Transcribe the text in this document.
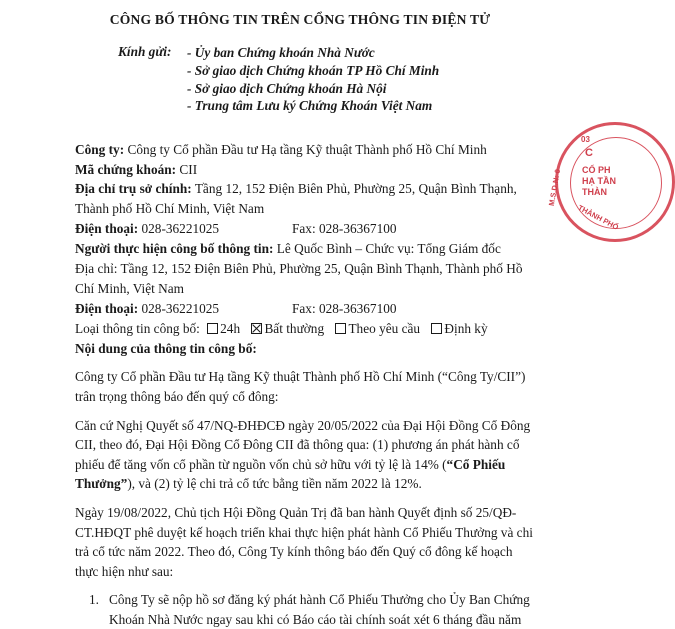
CÔNG BỐ THÔNG TIN TRÊN CỔNG THÔNG TIN ĐIỆN TỬ
Kính gửi: - Ủy ban Chứng khoán Nhà Nước
- Sở giao dịch Chứng khoán TP Hồ Chí Minh
- Sở giao dịch Chứng khoán Hà Nội
- Trung tâm Lưu ký Chứng Khoán Việt Nam
Công ty: Công ty Cổ phần Đầu tư Hạ tầng Kỹ thuật Thành phố Hồ Chí Minh
Mã chứng khoán: CII
Địa chỉ trụ sở chính: Tầng 12, 152 Điện Biên Phủ, Phường 25, Quận Bình Thạnh,
Thành phố Hồ Chí Minh, Việt Nam
Điện thoại: 028-36221025	Fax: 028-36367100
Người thực hiện công bố thông tin: Lê Quốc Bình – Chức vụ: Tổng Giám đốc
Địa chỉ: Tầng 12, 152 Điện Biên Phủ, Phường 25, Quận Bình Thạnh, Thành phố Hồ
Chí Minh, Việt Nam
Điện thoại: 028-36221025	Fax: 028-36367100
Loại thông tin công bố: 24h Bất thường Theo yêu cầu Định kỳ
Nội dung của thông tin công bố:
Công ty Cổ phần Đầu tư Hạ tầng Kỹ thuật Thành phố Hồ Chí Minh (“Công Ty/CII”)
trân trọng thông báo đến quý cổ đông:
Căn cứ Nghị Quyết số 47/NQ-ĐHĐCĐ ngày 20/05/2022 của Đại Hội Đồng Cổ Đông
CII, theo đó, Đại Hội Đồng Cổ Đông CII đã thông qua: (1) phương án phát hành cổ
phiếu để tăng vốn cổ phần từ nguồn vốn chủ sở hữu với tỷ lệ là 14% (“Cổ Phiếu
Thưởng”), và (2) tỷ lệ chi trả cổ tức bằng tiền năm 2022 là 12%.
Ngày 19/08/2022, Chủ tịch Hội Đồng Quản Trị đã ban hành Quyết định số 25/QĐ-
CT.HĐQT phê duyệt kế hoạch triển khai thực hiện phát hành Cổ Phiếu Thưởng và chi
trả cổ tức năm 2022. Theo đó, Công Ty kính thông báo đến Quý cổ đông kế hoạch
thực hiện như sau:
1. Công Ty sẽ nộp hồ sơ đăng ký phát hành Cổ Phiếu Thưởng cho Ủy Ban Chứng
Khoán Nhà Nước ngay sau khi có Báo cáo tài chính soát xét 6 tháng đầu năm
03
C
CỔ PH
HẠ TẦN
THÀN
M.S.D.N: 0
THÀNH PHỐ
